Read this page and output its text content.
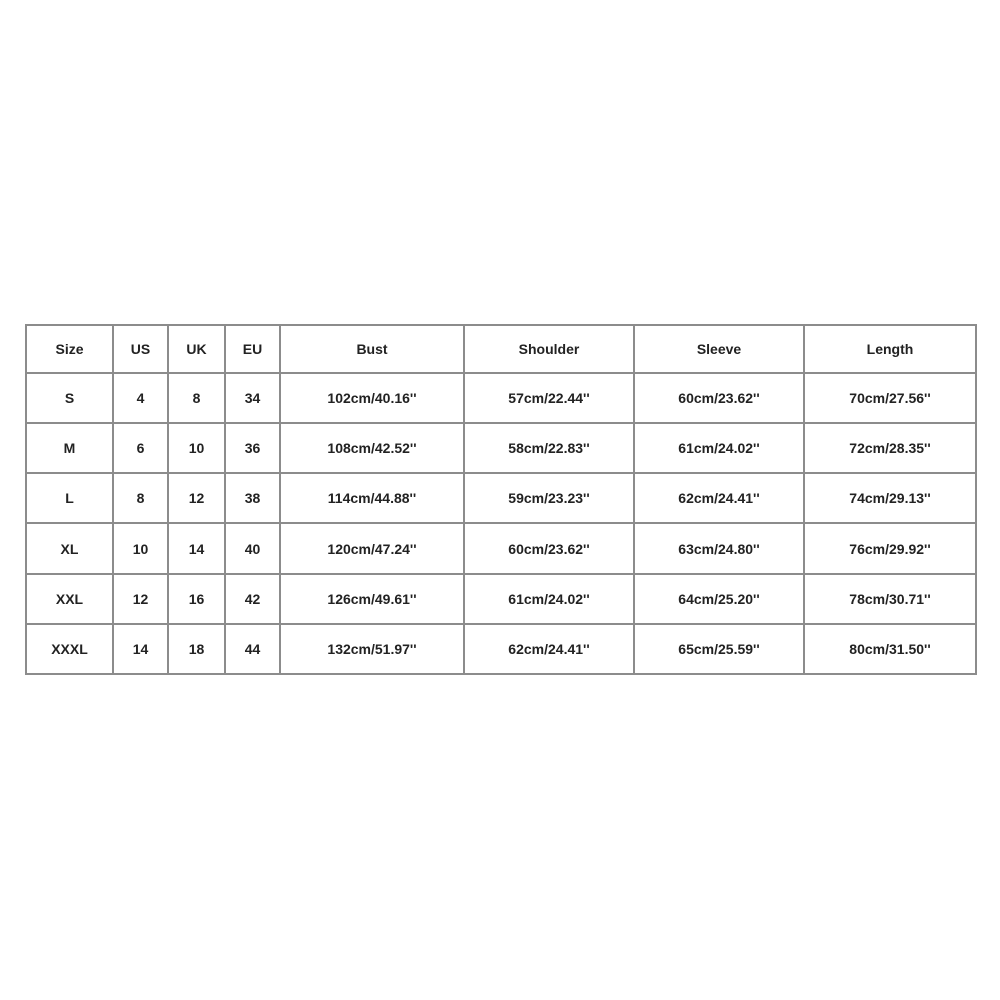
Size	US	UK	EU	Bust	Shoulder	Sleeve	Length
S	4	8	34	102cm/40.16''	57cm/22.44''	60cm/23.62''	70cm/27.56''
M	6	10	36	108cm/42.52''	58cm/22.83''	61cm/24.02''	72cm/28.35''
L	8	12	38	114cm/44.88''	59cm/23.23''	62cm/24.41''	74cm/29.13''
XL	10	14	40	120cm/47.24''	60cm/23.62''	63cm/24.80''	76cm/29.92''
XXL	12	16	42	126cm/49.61''	61cm/24.02''	64cm/25.20''	78cm/30.71''
XXXL	14	18	44	132cm/51.97''	62cm/24.41''	65cm/25.59''	80cm/31.50''
